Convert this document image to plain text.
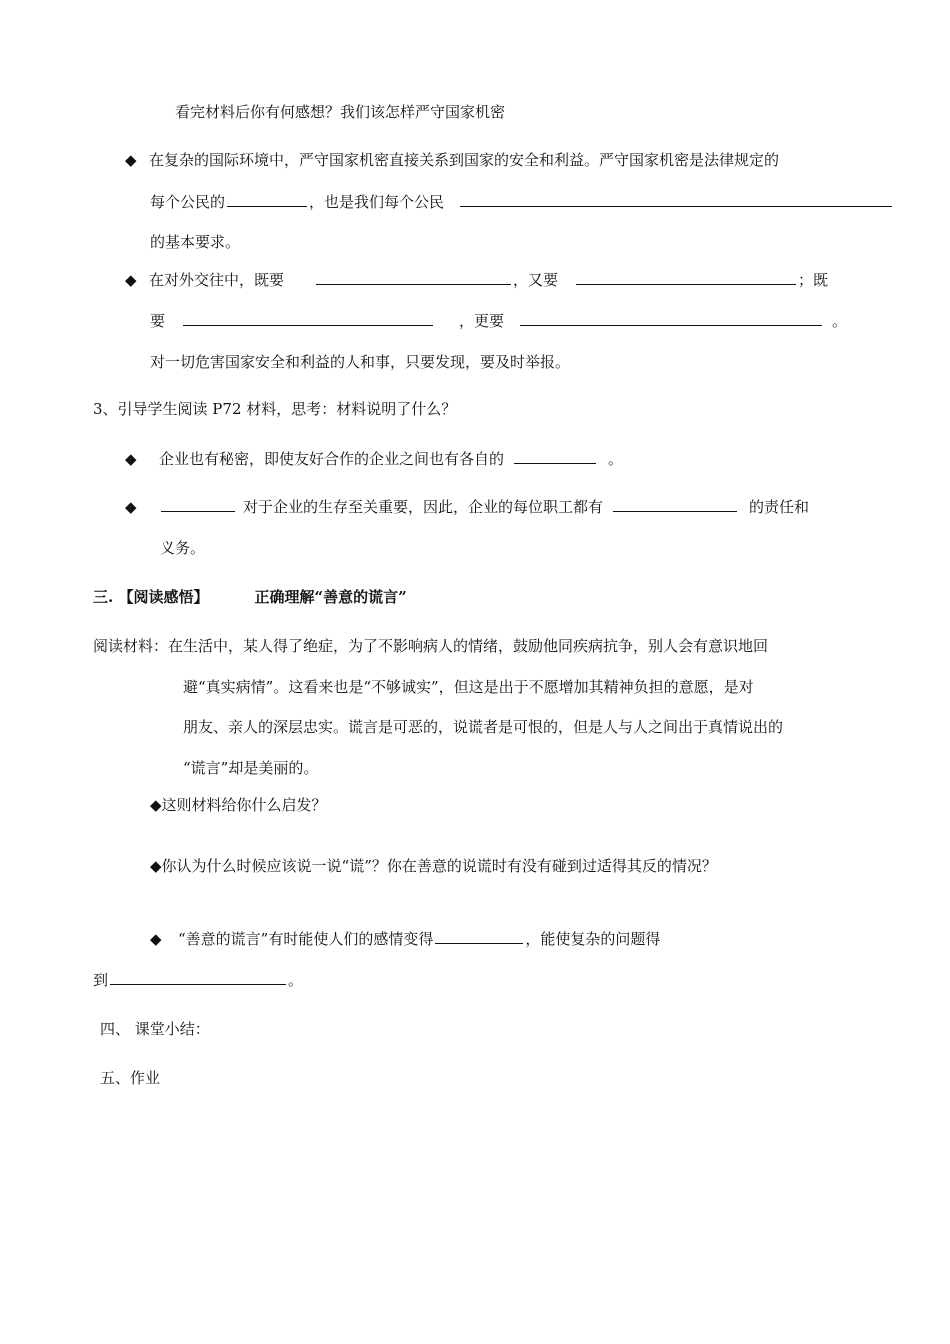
看完材料后你有何感想？我们该怎样严守国家机密
◆ 在复杂的国际环境中，严守国家机密直接关系到国家的安全和利益。严守国家机密是法律规定的
每个公民的	，也是我们每个公民
的基本要求。
◆ 在对外交往中，既要	，又要	；既
要	，更要	。
对一切危害国家安全和利益的人和事，只要发现，要及时举报。
3、引导学生阅读 P72 材料，思考：材料说明了什么？
◆ 企业也有秘密，即使友好合作的企业之间也有各自的	。
◆	对于企业的生存至关重要，因此，企业的每位职工都有	的责任和
义务。
三. 【阅读感悟】	正确理解“善意的谎言”
阅读材料：在生活中，某人得了绝症，为了不影响病人的情绪，鼓励他同疾病抗争，别人会有意识地回
避“真实病情”。这看来也是“不够诚实”，但这是出于不愿增加其精神负担的意愿，是对
朋友、亲人的深层忠实。谎言是可恶的，说谎者是可恨的，但是人与人之间出于真情说出的
“谎言”却是美丽的。
◆这则材料给你什么启发？
◆你认为什么时候应该说一说“谎”？你在善意的说谎时有没有碰到过适得其反的情况？
◆ “善意的谎言”有时能使人们的感情变得	，能使复杂的问题得
到	。
四、 课堂小结：
五、作业
